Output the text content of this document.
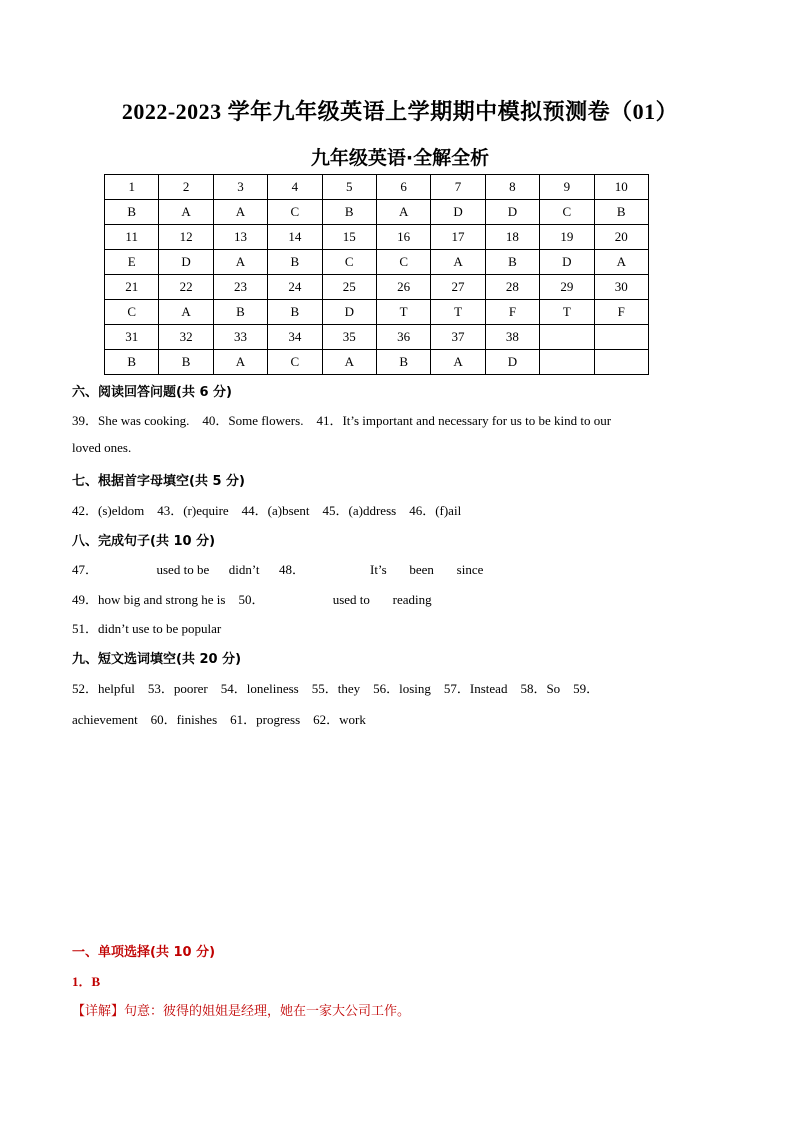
2022-2023 学年九年级英语上学期期中模拟预测卷（01）
九年级英语·全解全析
1	2	3	4	5	6	7	8	9	10
B	A	A	C	B	A	D	D	C	B
11	12	13	14	15	16	17	18	19	20
E	D	A	B	C	C	A	B	D	A
21	22	23	24	25	26	27	28	29	30
C	A	B	B	D	T	T	F	T	F
31	32	33	34	35	36	37	38		
B	B	A	C	A	B	A	D		
六、阅读回答问题(共 6 分)
39．She was cooking.    40．Some flowers.    41．It’s important and necessary for us to be kind to our
loved ones.
七、根据首字母填空(共 5 分)
42．(s)eldom    43．(r)equire    44．(a)bsent    45．(a)ddress    46．(f)ail
八、完成句子(共 10 分)
47．                  used to be      didn’t      48．                    It’s       been       since
49．how big and strong he is    50．                     used to       reading
51．didn’t use to be popular
九、短文选词填空(共 20 分)
52．helpful    53．poorer    54．loneliness    55．they    56．losing    57．Instead    58．So    59．
achievement    60．finishes    61．progress    62．work
一、单项选择(共 10 分)
1．B
【详解】句意：彼得的姐姐是经理，她在一家大公司工作。
